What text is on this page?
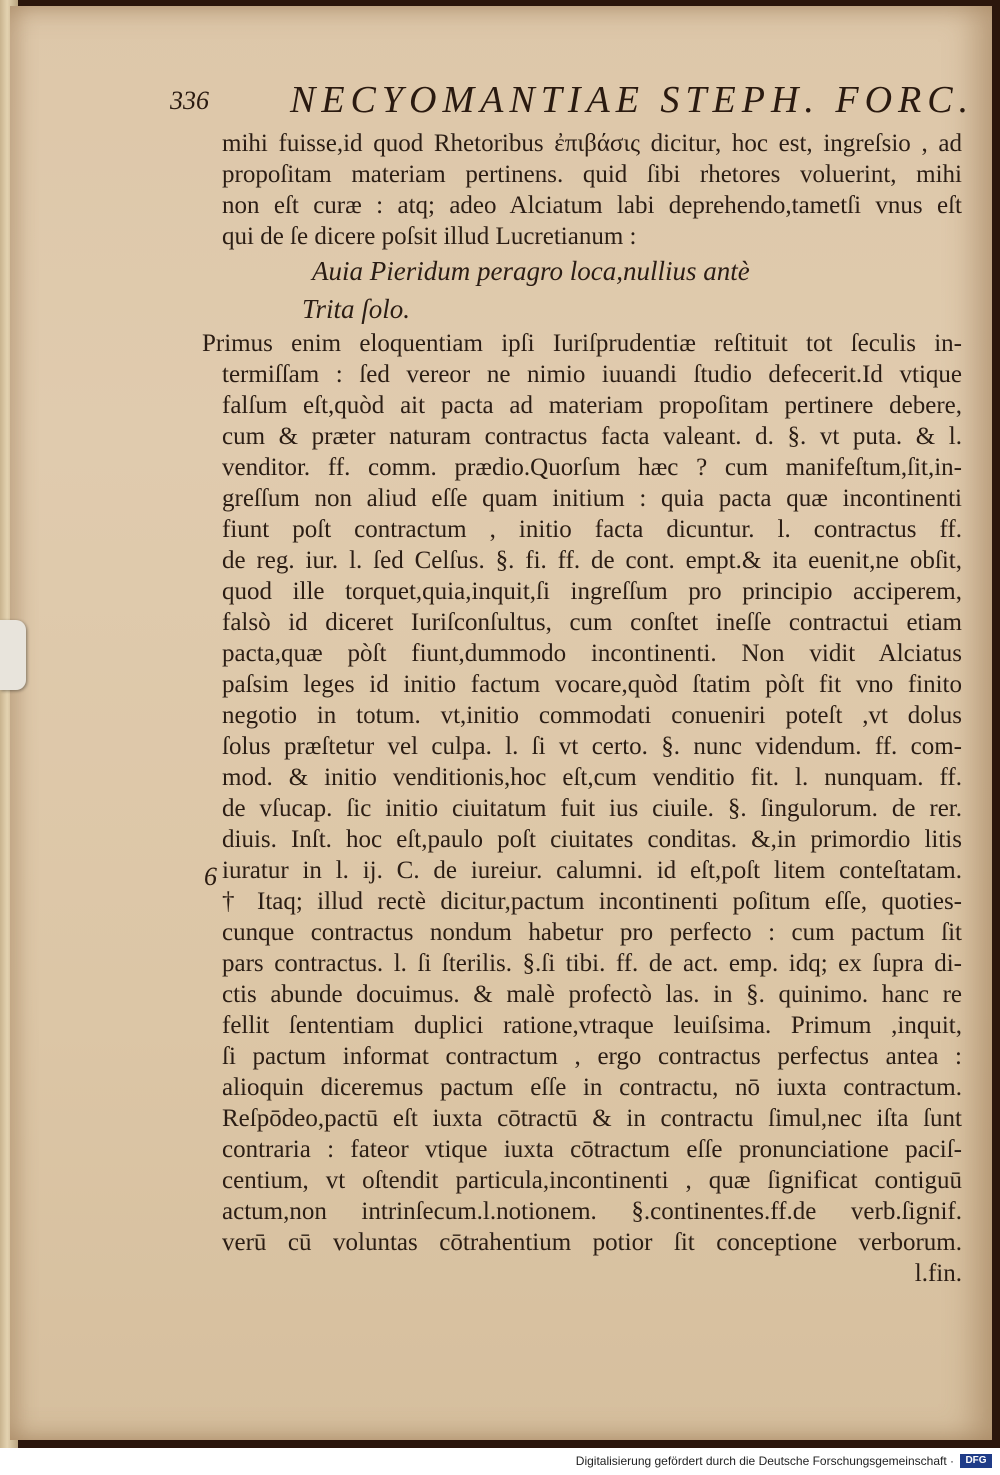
336 NECYOMANTIAE STEPH. FORC.
mihi fuisse,id quod Rhetoribus ἐπιβάσις dicitur, hoc est, ingreſsio , ad
propoſitam materiam pertinens. quid ſibi rhetores voluerint, mihi
non eſt curæ : atq; adeo Alciatum labi deprehendo,tametſi vnus eſt
qui de ſe dicere poſsit illud Lucretianum :
Auia Pieridum peragro loca,nullius antè
Trita ſolo.
Primus enim eloquentiam ipſi Iuriſprudentiæ reſtituit tot ſeculis in-
termiſſam : ſed vereor ne nimio iuuandi ſtudio defecerit.Id vtique
falſum eſt,quòd ait pacta ad materiam propoſitam pertinere debere,
cum & præter naturam contractus facta valeant. d. §. vt puta. & l.
venditor. ff. comm. prædio.Quorſum hæc ? cum manifeſtum,ſit,in-
greſſum non aliud eſſe quam initium : quia pacta quæ incontinenti
fiunt poſt contractum , initio facta dicuntur. l. contractus ff.
de reg. iur. l. ſed Celſus. §. fi. ff. de cont. empt.& ita euenit,ne obſit,
quod ille torquet,quia,inquit,ſi ingreſſum pro principio acciperem,
falsò id diceret Iuriſconſultus, cum conſtet ineſſe contractui etiam
pacta,quæ pòſt fiunt,dummodo incontinenti. Non vidit Alciatus
paſsim leges id initio factum vocare,quòd ſtatim pòſt fit vno finito
negotio in totum. vt,initio commodati conueniri poteſt ,vt dolus
ſolus præſtetur vel culpa. l. ſi vt certo. §. nunc videndum. ff. com-
mod. & initio venditionis,hoc eſt,cum venditio fit. l. nunquam. ff.
de vſucap. ſic initio ciuitatum fuit ius ciuile. §. ſingulorum. de rer.
diuis. Inſt. hoc eſt,paulo poſt ciuitates conditas. &,in primordio litis
iuratur in l. ij. C. de iureiur. calumni. id eſt,poſt litem conteſtatam.
† Itaq; illud rectè dicitur,pactum incontinenti poſitum eſſe, quoties-
cunque contractus nondum habetur pro perfecto : cum pactum ſit
pars contractus. l. ſi ſterilis. §.ſi tibi. ff. de act. emp. idq; ex ſupra di-
ctis abunde docuimus. & malè profectò las. in §. quinimo. hanc re
fellit ſententiam duplici ratione,vtraque leuiſsima. Primum ,inquit,
ſi pactum informat contractum , ergo contractus perfectus antea :
alioquin diceremus pactum eſſe in contractu, nō iuxta contractum.
Reſpōdeo,pactū eſt iuxta cōtractū & in contractu ſimul,nec iſta ſunt
contraria : fateor vtique iuxta cōtractum eſſe pronunciatione paciſ-
centium, vt oſtendit particula,incontinenti , quæ ſignificat contiguū
actum,non intrinſecum.l.notionem. §.continentes.ff.de verb.ſignif.
verū cū voluntas cōtrahentium potior ſit conceptione verborum.
l.fin.
6
Digitalisierung gefördert durch die Deutsche Forschungsgemeinschaft ·	DFG
